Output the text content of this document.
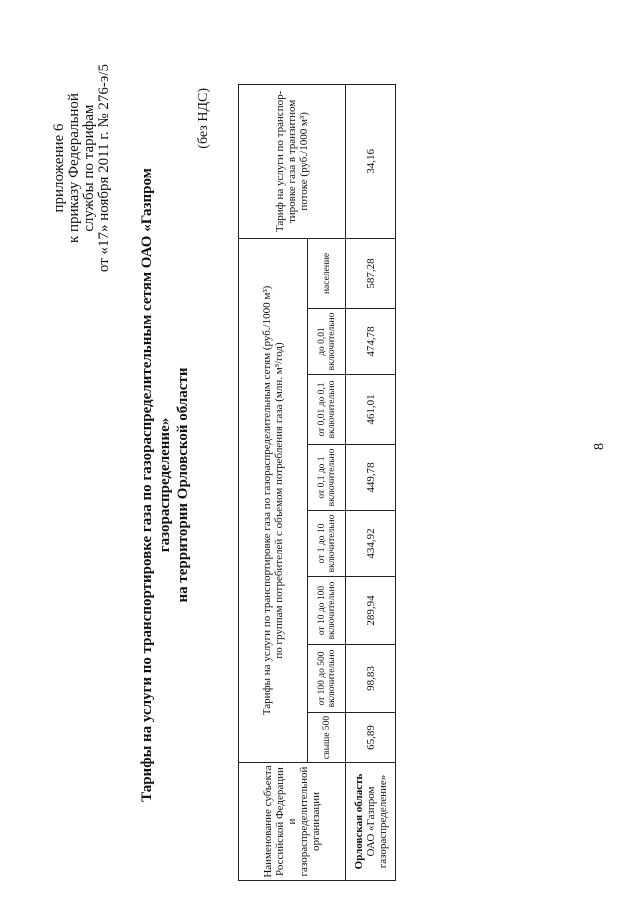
приложение 6 к приказу Федеральной службы по тарифам от «17» ноября 2011 г. № 276-э/5
Тарифы на услуги по транспортировке газа по газораспределительным сетям ОАО «Газпром газораспределение» на территории Орловской области
(без НДС)
Наименование субъекта Российской Федерации и газораспределительной организации	Тарифы на услуги по транспортировке газа по газораспределительным сетям (руб./1000 м³) по группам потребителей с объемом потребления газа (млн. м³/год)								Тариф на услуги по транспор-тировке газа в транзитном потоке (руб./1000 м³)
	свыше 500	от 100 до 500 включительно	от 10 до 100 включительно	от 1 до 10 включительно	от 0,1 до 1 включительно	от 0,01 до 0,1 включительно	до 0,01 включительно	население	

Орловская область ОАО «Газпром газораспределение»	65,89	98,83	289,94	434,92	449,78	461,01	474,78	587,28	34,16
8
